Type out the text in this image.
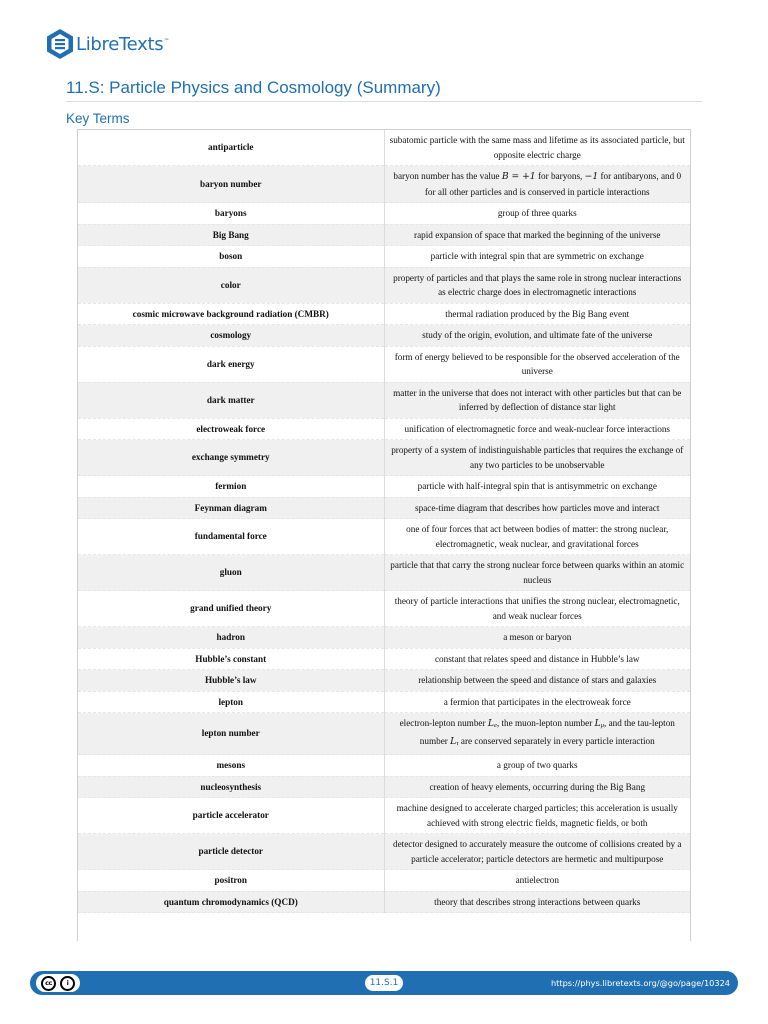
LibreTexts™
11.S: Particle Physics and Cosmology (Summary)
Key Terms
antiparticle	subatomic particle with the same mass and lifetime as its associated particle, but opposite electric charge
baryon number	baryon number has the value B = +1 for baryons, −1 for antibaryons, and 0 for all other particles and is conserved in particle interactions
baryons	group of three quarks
Big Bang	rapid expansion of space that marked the beginning of the universe
boson	particle with integral spin that are symmetric on exchange
color	property of particles and that plays the same role in strong nuclear interactions as electric charge does in electromagnetic interactions
cosmic microwave background radiation (CMBR)	thermal radiation produced by the Big Bang event
cosmology	study of the origin, evolution, and ultimate fate of the universe
dark energy	form of energy believed to be responsible for the observed acceleration of the universe
dark matter	matter in the universe that does not interact with other particles but that can be inferred by deflection of distance star light
electroweak force	unification of electromagnetic force and weak-nuclear force interactions
exchange symmetry	property of a system of indistinguishable particles that requires the exchange of any two particles to be unobservable
fermion	particle with half-integral spin that is antisymmetric on exchange
Feynman diagram	space-time diagram that describes how particles move and interact
fundamental force	one of four forces that act between bodies of matter: the strong nuclear, electromagnetic, weak nuclear, and gravitational forces
gluon	particle that that carry the strong nuclear force between quarks within an atomic nucleus
grand unified theory	theory of particle interactions that unifies the strong nuclear, electromagnetic, and weak nuclear forces
hadron	a meson or baryon
Hubble’s constant	constant that relates speed and distance in Hubble’s law
Hubble’s law	relationship between the speed and distance of stars and galaxies
lepton	a fermion that participates in the electroweak force
lepton number	electron-lepton number Le, the muon-lepton number Lμ, and the tau-lepton number Lτ are conserved separately in every particle interaction
mesons	a group of two quarks
nucleosynthesis	creation of heavy elements, occurring during the Big Bang
particle accelerator	machine designed to accelerate charged particles; this acceleration is usually achieved with strong electric fields, magnetic fields, or both
particle detector	detector designed to accurately measure the outcome of collisions created by a particle accelerator; particle detectors are hermetic and multipurpose
positron	antielectron
quantum chromodynamics (QCD)	theory that describes strong interactions between quarks
cc	i	11.S.1	https://phys.libretexts.org/@go/page/10324
